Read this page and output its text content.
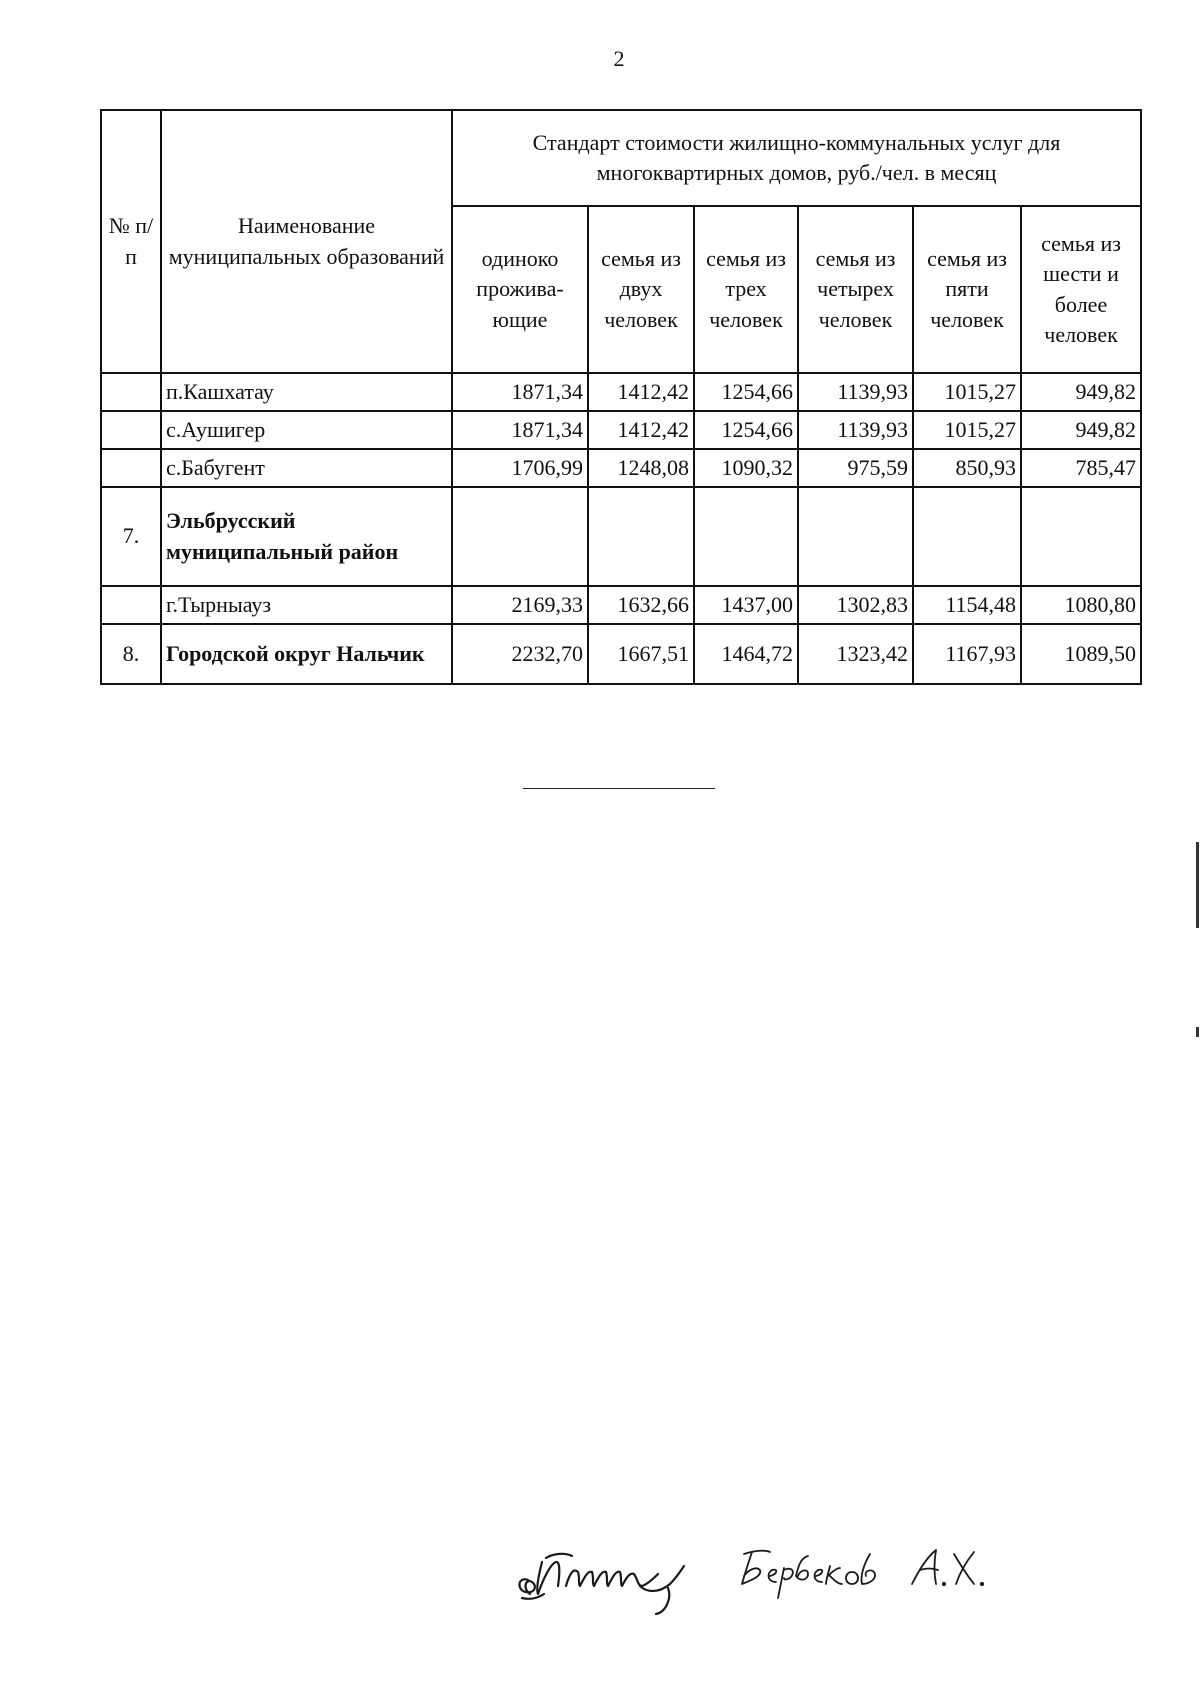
2
№ п/п	Наименование муниципальных образований	Стандарт стоимости жилищно-коммунальных услуг для многоквартирных домов, руб./чел. в месяц					
		одиноко прожива-ющие	семья из двух человек	семья из трех человек	семья из четырех человек	семья из пяти человек	семья из шести и более человек
	п.Кашхатау	1871,34	1412,42	1254,66	1139,93	1015,27	949,82
	с.Аушигер	1871,34	1412,42	1254,66	1139,93	1015,27	949,82
	с.Бабугент	1706,99	1248,08	1090,32	975,59	850,93	785,47
7.	Эльбрусский муниципальный район						
	г.Тырныауз	2169,33	1632,66	1437,00	1302,83	1154,48	1080,80
8.	Городской округ Нальчик	2232,70	1667,51	1464,72	1323,42	1167,93	1089,50
